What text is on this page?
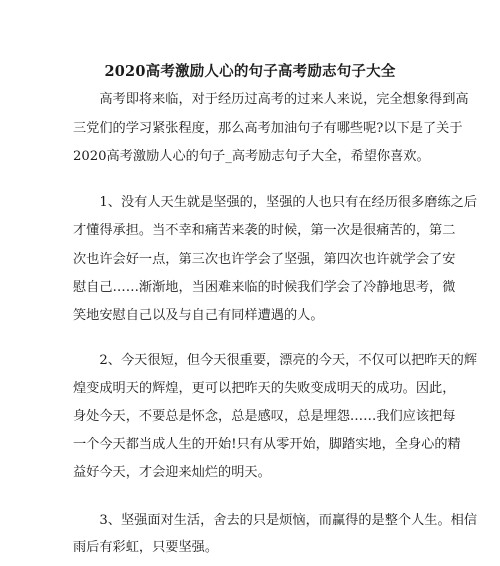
2020高考激励人心的句子高考励志句子大全
　　高考即将来临，对于经历过高考的过来人来说，完全想象得到高
三党们的学习紧张程度，那么高考加油句子有哪些呢?以下是了关于
2020高考激励人心的句子_高考励志句子大全，希望你喜欢。
　　1、没有人天生就是坚强的，坚强的人也只有在经历很多磨练之后
才懂得承担。当不幸和痛苦来袭的时候，第一次是很痛苦的，第二
次也许会好一点，第三次也许学会了坚强，第四次也许就学会了安
慰自己……渐渐地，当困难来临的时候我们学会了冷静地思考，微
笑地安慰自己以及与自己有同样遭遇的人。
　　2、今天很短，但今天很重要，漂亮的今天，不仅可以把昨天的辉
煌变成明天的辉煌，更可以把昨天的失败变成明天的成功。因此，
身处今天，不要总是怀念，总是感叹，总是埋怨……我们应该把每
一个今天都当成人生的开始!只有从零开始，脚踏实地，全身心的精
益好今天，才会迎来灿烂的明天。
　　3、坚强面对生活，舍去的只是烦恼，而赢得的是整个人生。相信
雨后有彩虹，只要坚强。
